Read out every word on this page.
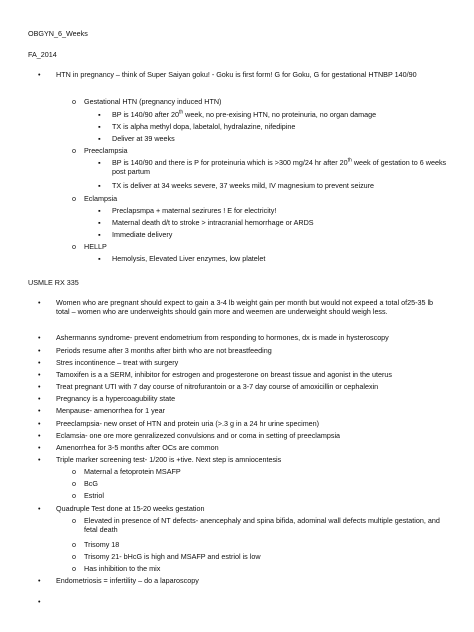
OBGYN_6_Weeks
FA_2014
• HTN in pregnancy – think of Super Saiyan goku! - Goku is first form! G for Goku, G for gestational HTNBP 140/90
o Gestational HTN (pregnancy induced HTN)
▪ BP is 140/90 after 20th week, no pre-exising HTN, no proteinuria, no organ damage
▪ TX is alpha methyl dopa, labetalol, hydralazine, nifedipine
▪ Deliver at 39 weeks
o Preeclampsia
▪ BP is 140/90 and there is P for proteinuria which is >300 mg/24 hr after 20th week of gestation to 6 weeks post partum
▪ TX is deliver at 34 weeks severe, 37 weeks mild, IV magnesium to prevent seizure
o Eclampsia
▪ Preclapsmpa + maternal sezirures ! E for electricity!
▪ Maternal death d/t to stroke > intracranial hemorrhage or ARDS
▪ Immediate delivery
o HELLP
▪ Hemolysis, Elevated Liver enzymes, low platelet
USMLE RX 335
• Women who are pregnant should expect to gain a 3-4 lb weight gain per month but would not expeed a total of25-35 lb total – women who are underweights should gain more and weemen are underweight should weigh less.
• Ashermanns syndrome- prevent endometrium from responding to hormones, dx is made in hysteroscopy
• Periods resume after 3 months after birth who are not breastfeeding
• Stres incontinence – treat with surgery
• Tamoxifen is a a SERM, inhibitor for estrogen and progesterone on breast tissue and agonist in the uterus
• Treat pregnant UTI with 7 day course of nitrofurantoin or a 3-7 day course of amoxicillin or cephalexin
• Pregnancy is a hypercoagubility state
• Menpause- amenorrhea for 1 year
• Preeclampsia- new onset of HTN and protein uria (>.3 g in a 24 hr urine specimen)
• Eclamsia- one ore more genralizezed convulsions and or coma in setting of preeclampsia
• Amenorrhea for 3-5 months after OCs are common
• Triple marker screening test- 1/200 is +tive. Next step is amniocentesis
o Maternal a fetoprotein MSAFP
o BcG
o Estriol
• Quadruple Test done at 15-20 weeks gestation
o Elevated in presence of NT defects- anencephaly and spina bifida, adominal wall defects multiple gestation, and fetal death
o Trisomy 18
o Trisomy 21- bHcG is high and MSAFP and estriol is low
o Has inhibition to the mix
• Endometriosis = infertility – do a laparoscopy
•
